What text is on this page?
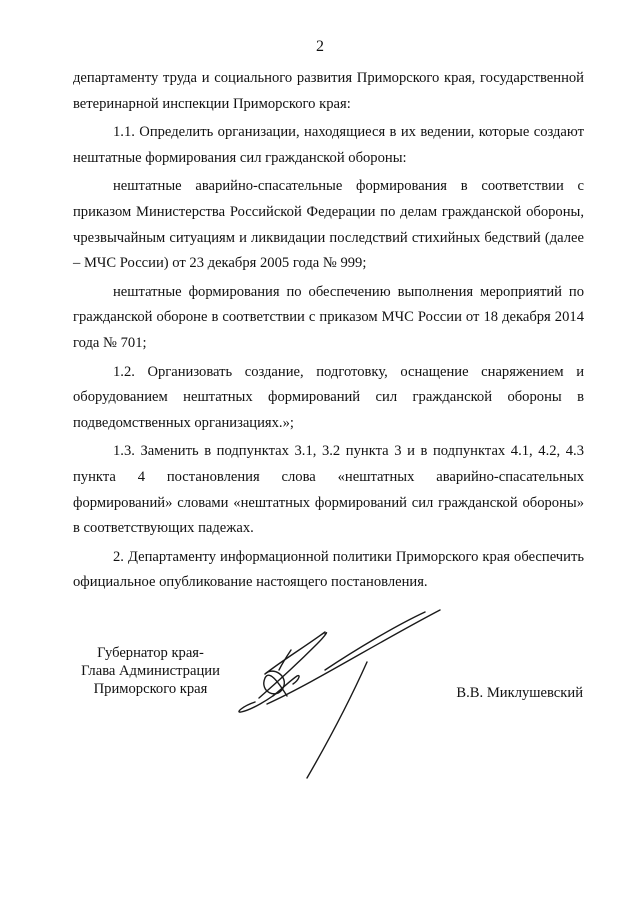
2

департаменту труда и социального развития Приморского края, государственной ветеринарной инспекции Приморского края:

1.1. Определить организации, находящиеся в их ведении, которые создают нештатные формирования сил гражданской обороны:

нештатные аварийно-спасательные формирования в соответствии с приказом Министерства Российской Федерации по делам гражданской обороны, чрезвычайным ситуациям и ликвидации последствий стихийных бедствий (далее – МЧС России) от 23 декабря 2005 года № 999;

нештатные формирования по обеспечению выполнения мероприятий по гражданской обороне в соответствии с приказом МЧС России от 18 декабря 2014 года № 701;

1.2. Организовать создание, подготовку, оснащение снаряжением и оборудованием нештатных формирований сил гражданской обороны в подведомственных организациях.»;

1.3. Заменить в подпунктах 3.1, 3.2 пункта 3 и в подпунктах 4.1, 4.2, 4.3 пункта 4 постановления слова «нештатных аварийно-спасательных формирований» словами «нештатных формирований сил гражданской обороны» в соответствующих падежах.

2. Департаменту информационной политики Приморского края обеспечить официальное опубликование настоящего постановления.

Губернатор края-
Глава Администрации
Приморского края	В.В. Миклушевский
